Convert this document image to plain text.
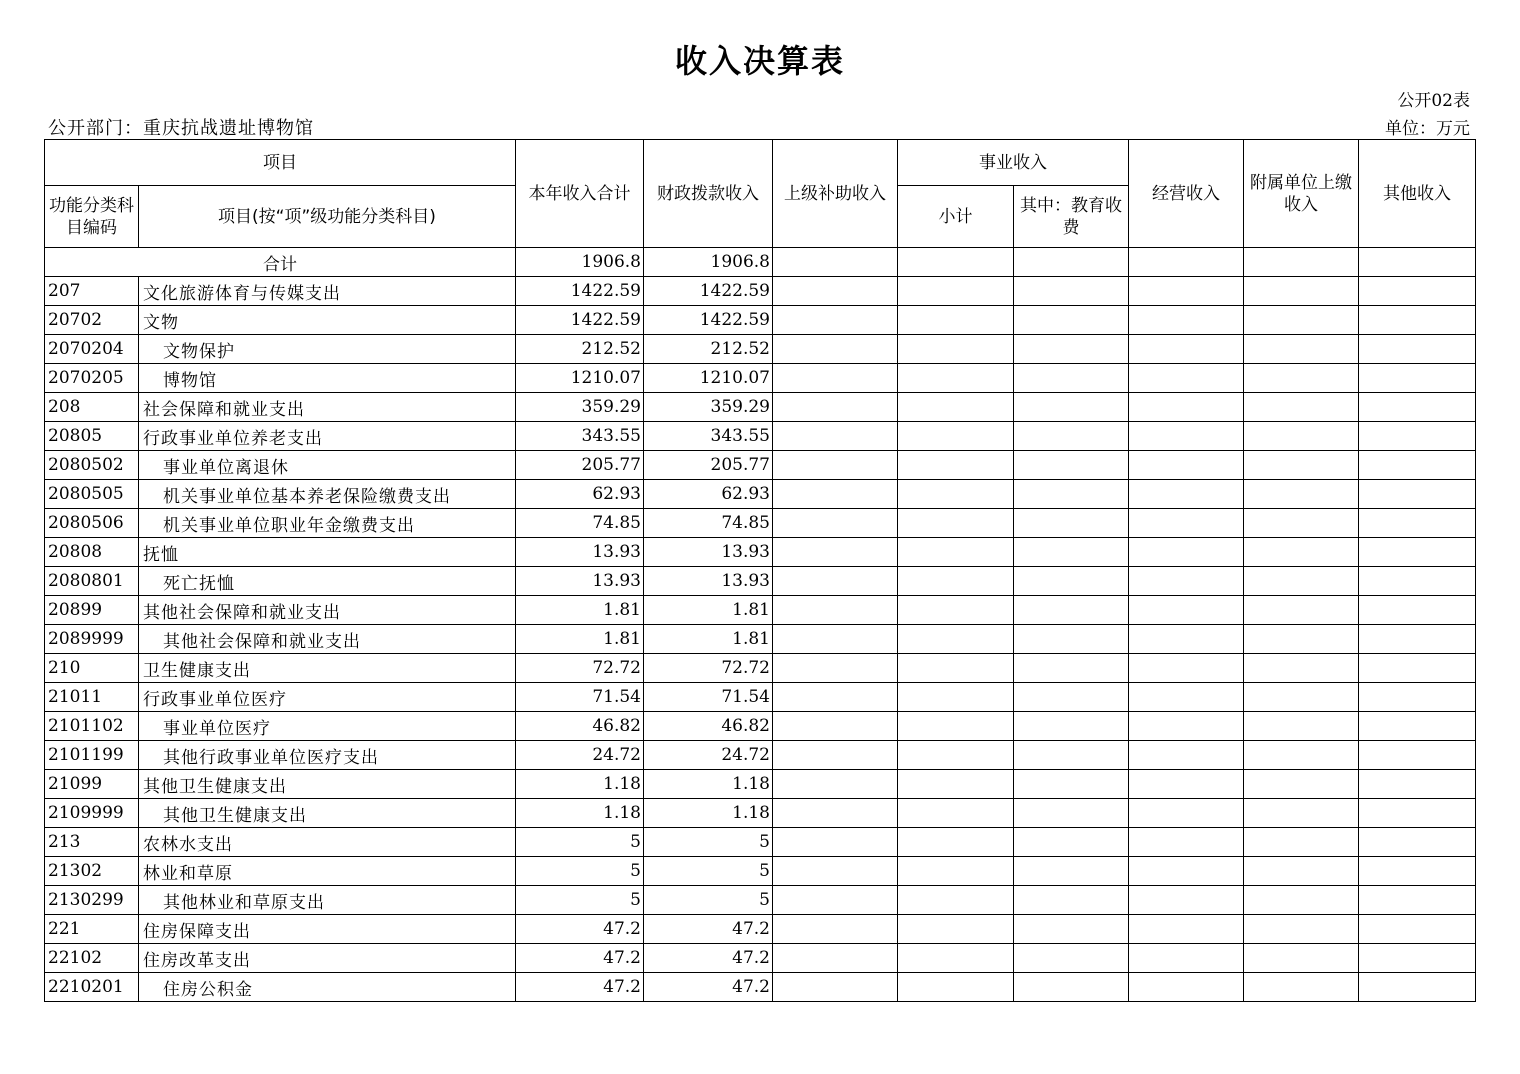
收入决算表
公开02表
公开部门：重庆抗战遗址博物馆	单位：万元
项目		本年收入合计	财政拨款收入	上级补助收入	事业收入		经营收入	附属单位上缴收入	其他收入
功能分类科目编码	项目(按“项”级功能分类科目)				小计	其中：教育收费			
合计		1906.8	1906.8						
207	文化旅游体育与传媒支出	1422.59	1422.59						
20702	文物	1422.59	1422.59						
2070204	文物保护	212.52	212.52						
2070205	博物馆	1210.07	1210.07						
208	社会保障和就业支出	359.29	359.29						
20805	行政事业单位养老支出	343.55	343.55						
2080502	事业单位离退休	205.77	205.77						
2080505	机关事业单位基本养老保险缴费支出	62.93	62.93						
2080506	机关事业单位职业年金缴费支出	74.85	74.85						
20808	抚恤	13.93	13.93						
2080801	死亡抚恤	13.93	13.93						
20899	其他社会保障和就业支出	1.81	1.81						
2089999	其他社会保障和就业支出	1.81	1.81						
210	卫生健康支出	72.72	72.72						
21011	行政事业单位医疗	71.54	71.54						
2101102	事业单位医疗	46.82	46.82						
2101199	其他行政事业单位医疗支出	24.72	24.72						
21099	其他卫生健康支出	1.18	1.18						
2109999	其他卫生健康支出	1.18	1.18						
213	农林水支出	5	5						
21302	林业和草原	5	5						
2130299	其他林业和草原支出	5	5						
221	住房保障支出	47.2	47.2						
22102	住房改革支出	47.2	47.2						
2210201	住房公积金	47.2	47.2						
